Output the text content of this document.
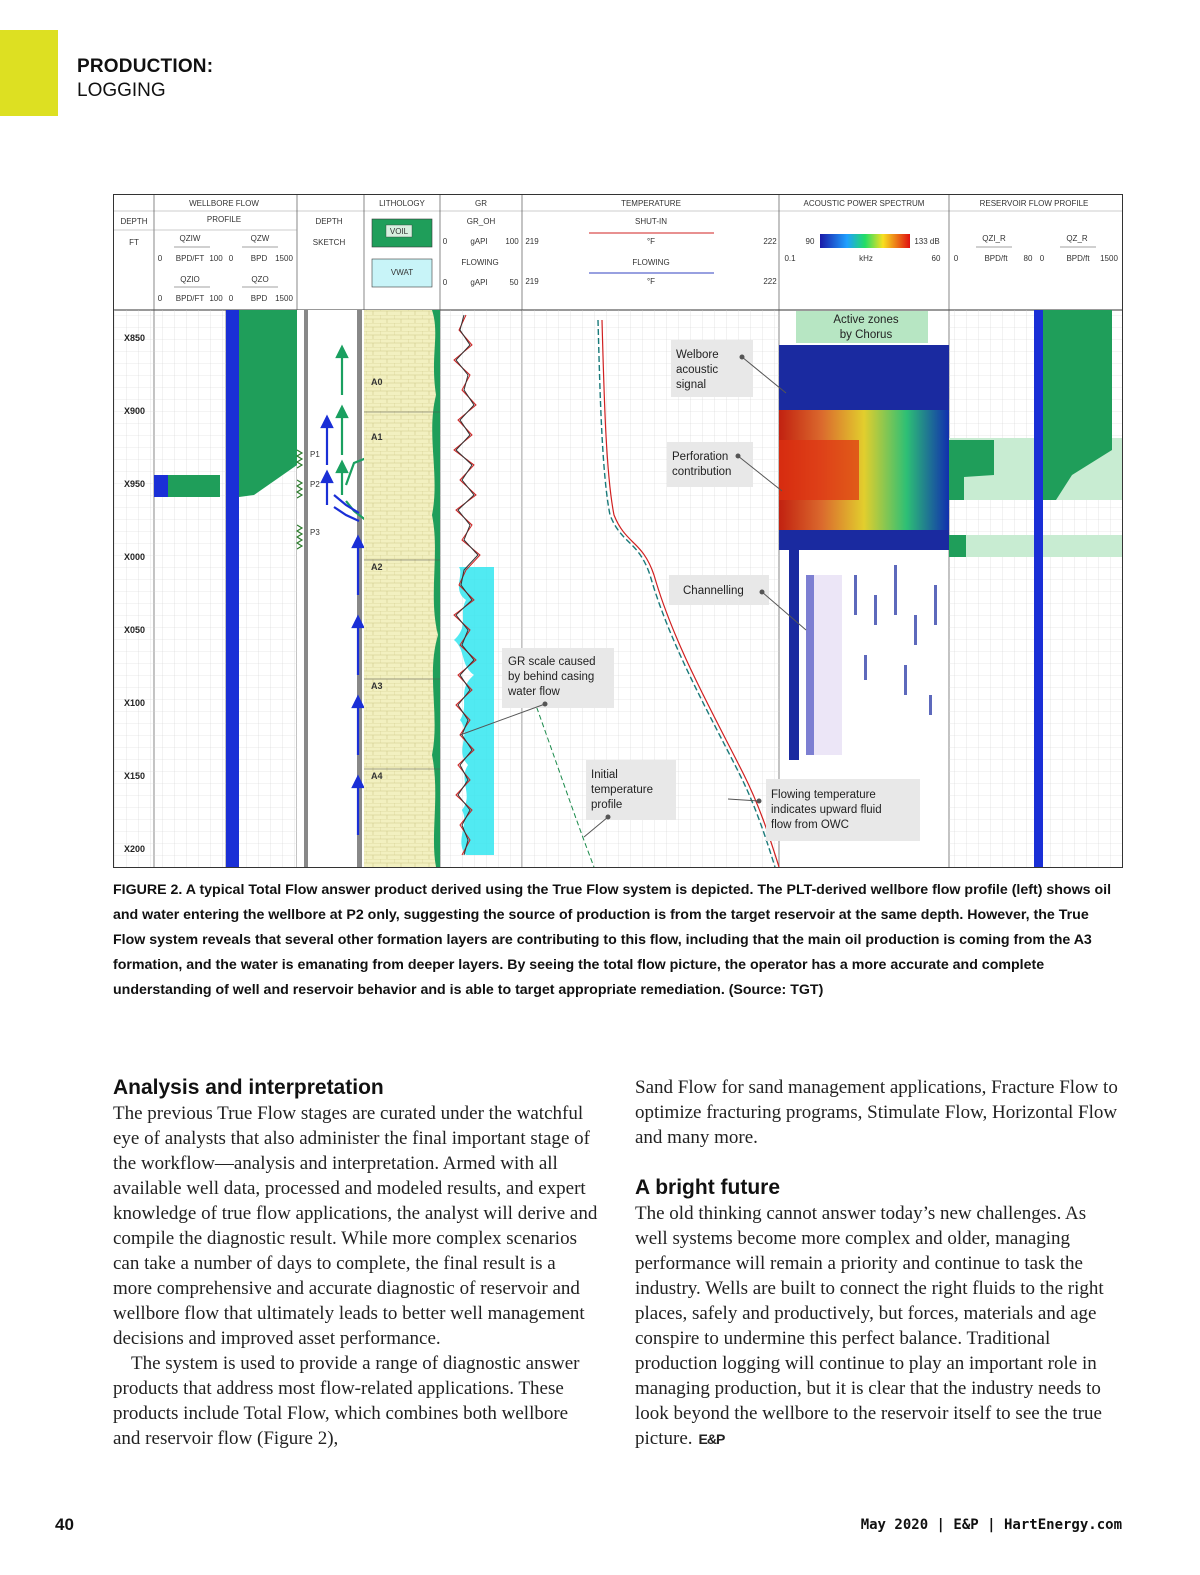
PRODUCTION:
LOGGING
DEPTH
FT
WELLBORE FLOW
PROFILE
QZIW	QZW
0 BPD/FT 100 0 BPD 1500
QZIO	QZO
0 BPD/FT 100 0 BPD 1500
DEPTH
SKETCH
LITHOLOGY
VOIL
VWAT
GR
GR_OH
0	gAPI 100
FLOWING
0	gAPI	50
TEMPERATURE
SHUT-IN
219	°F	222
FLOWING
219	°F	222
ACOUSTIC POWER SPECTRUM
90	133 dB
0.1	kHz	60
RESERVOIR FLOW PROFILE
QZI_R	QZ_R
0	BPD/ft 80 0	BPD/ft 1500
X850
X900
X950
X000
X050
X100
X150
X200
P1
P2
P3
A0
A1
A2
A3
A4
Active zones
by Chorus
Welbore
acoustic
signal
Perforation
contribution
Channelling
GR scale caused
by behind casing
water flow
Initial
temperature
profile
Flowing temperature
indicates upward fluid
flow from OWC
FIGURE 2. A typical Total Flow answer product derived using the True Flow system is depicted. The PLT-derived wellbore flow profile (left) shows oil and water entering the wellbore at P2 only, suggesting the source of production is from the target reservoir at the same depth. However, the True Flow system reveals that several other formation layers are contributing to this flow, including that the main oil production is coming from the A3 formation, and the water is emanating from deeper layers. By seeing the total flow picture, the operator has a more accurate and complete understanding of well and reservoir behavior and is able to target appropriate remediation. (Source: TGT)
Analysis and interpretation

The previous True Flow stages are curated under the watchful eye of analysts that also administer the final important stage of the workflow—analysis and interpretation. Armed with all available well data, processed and modeled results, and expert knowledge of true flow applications, the analyst will derive and compile the diagnostic result. While more complex scenarios can take a number of days to complete, the final result is a more comprehensive and accurate diagnostic of reservoir and wellbore flow that ultimately leads to better well management decisions and improved asset performance.

The system is used to provide a range of diagnostic answer products that address most flow-related applications. These products include Total Flow, which combines both wellbore and reservoir flow (Figure 2),

Sand Flow for sand management applications, Fracture Flow to optimize fracturing programs, Stimulate Flow, Horizontal Flow and many more.

A bright future

The old thinking cannot answer today’s new challenges. As well systems become more complex and older, managing performance will remain a priority and continue to task the industry. Wells are built to connect the right fluids to the right places, safely and productively, but forces, materials and age conspire to undermine this perfect balance. Traditional production logging will continue to play an important role in managing production, but it is clear that the industry needs to look beyond the wellbore to the reservoir itself to see the true picture. E&P

40	May 2020 | E&P | HartEnergy.com
